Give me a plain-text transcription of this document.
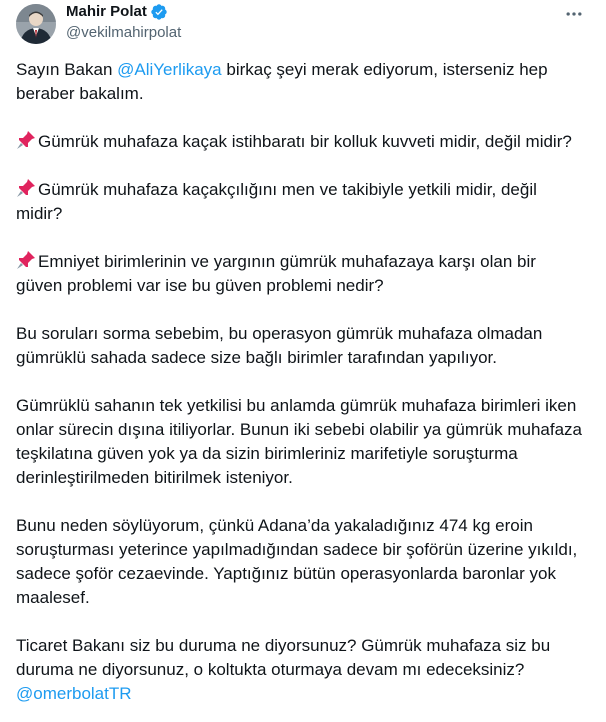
Mahir Polat
@vekilmahirpolat

Sayın Bakan @AliYerlikaya birkaç şeyi merak ediyorum, isterseniz hep beraber bakalım.

Gümrük muhafaza kaçak istihbaratı bir kolluk kuvveti midir, değil midir?

Gümrük muhafaza kaçakçılığını men ve takibiyle yetkili midir, değil midir?

Emniyet birimlerinin ve yargının gümrük muhafazaya karşı olan bir güven problemi var ise bu güven problemi nedir?

Bu soruları sorma sebebim, bu operasyon gümrük muhafaza olmadan gümrüklü sahada sadece size bağlı birimler tarafından yapılıyor.

Gümrüklü sahanın tek yetkilisi bu anlamda gümrük muhafaza birimleri iken onlar sürecin dışına itiliyorlar. Bunun iki sebebi olabilir ya gümrük muhafaza teşkilatına güven yok ya da sizin birimleriniz marifetiyle soruşturma derinleştirilmeden bitirilmek isteniyor.

Bunu neden söylüyorum, çünkü Adana’da yakaladığınız 474 kg eroin soruşturması yeterince yapılmadığından sadece bir şoförün üzerine yıkıldı, sadece şoför cezaevinde. Yaptığınız bütün operasyonlarda baronlar yok maalesef.

Ticaret Bakanı siz bu duruma ne diyorsunuz? Gümrük muhafaza siz bu duruma ne diyorsunuz, o koltukta oturmaya devam mı edeceksiniz?
@omerbolatTR
